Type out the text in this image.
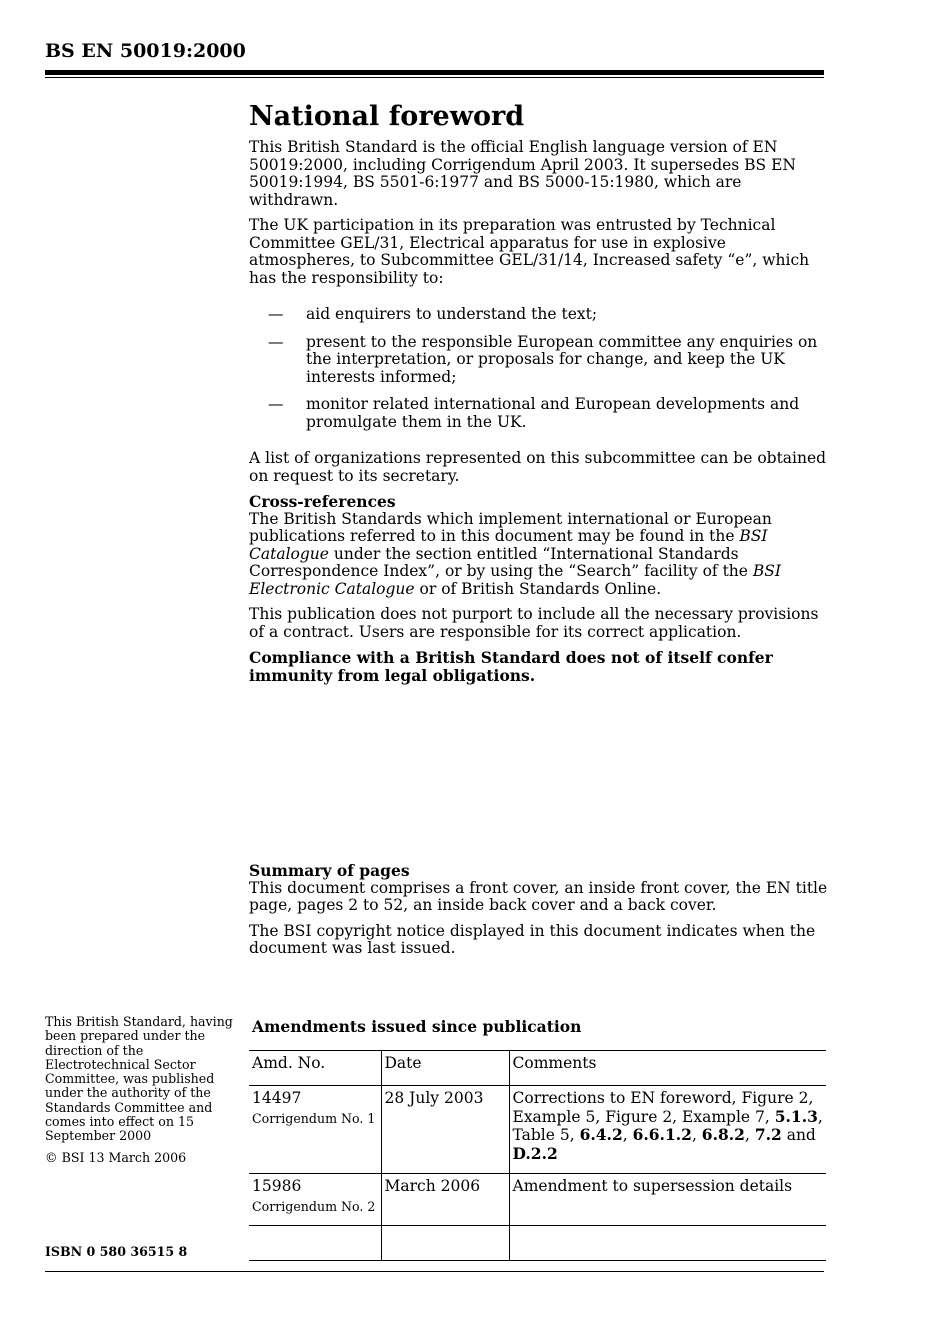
BS EN 50019:2000
National foreword

This British Standard is the official English language version of EN 50019:2000, including Corrigendum April 2003. It supersedes BS EN 50019:1994, BS 5501-6:1977 and BS 5000-15:1980, which are withdrawn.

The UK participation in its preparation was entrusted by Technical Committee GEL/31, Electrical apparatus for use in explosive atmospheres, to Subcommittee GEL/31/14, Increased safety “e”, which has the responsibility to:

— aid enquirers to understand the text;
— present to the responsible European committee any enquiries on the interpretation, or proposals for change, and keep the UK interests informed;
— monitor related international and European developments and promulgate them in the UK.

A list of organizations represented on this subcommittee can be obtained on request to its secretary.

Cross-references

The British Standards which implement international or European publications referred to in this document may be found in the BSI Catalogue under the section entitled “International Standards Correspondence Index”, or by using the “Search” facility of the BSI Electronic Catalogue or of British Standards Online.

This publication does not purport to include all the necessary provisions of a contract. Users are responsible for its correct application.

Compliance with a British Standard does not of itself confer immunity from legal obligations.

Summary of pages

This document comprises a front cover, an inside front cover, the EN title page, pages 2 to 52, an inside back cover and a back cover.

The BSI copyright notice displayed in this document indicates when the document was last issued.

This British Standard, having been prepared under the direction of the Electrotechnical Sector Committee, was published under the authority of the Standards Committee and comes into effect on 15 September 2000
© BSI 13 March 2006
ISBN 0 580 36515 8
Amendments issued since publication
Amd. No.	Date	Comments
14497
Corrigendum No. 1	28 July 2003	Corrections to EN foreword, Figure 2, Example 5, Figure 2, Example 7, 5.1.3, Table 5, 6.4.2, 6.6.1.2, 6.8.2, 7.2 and D.2.2
15986
Corrigendum No. 2	March 2006	Amendment to supersession details
